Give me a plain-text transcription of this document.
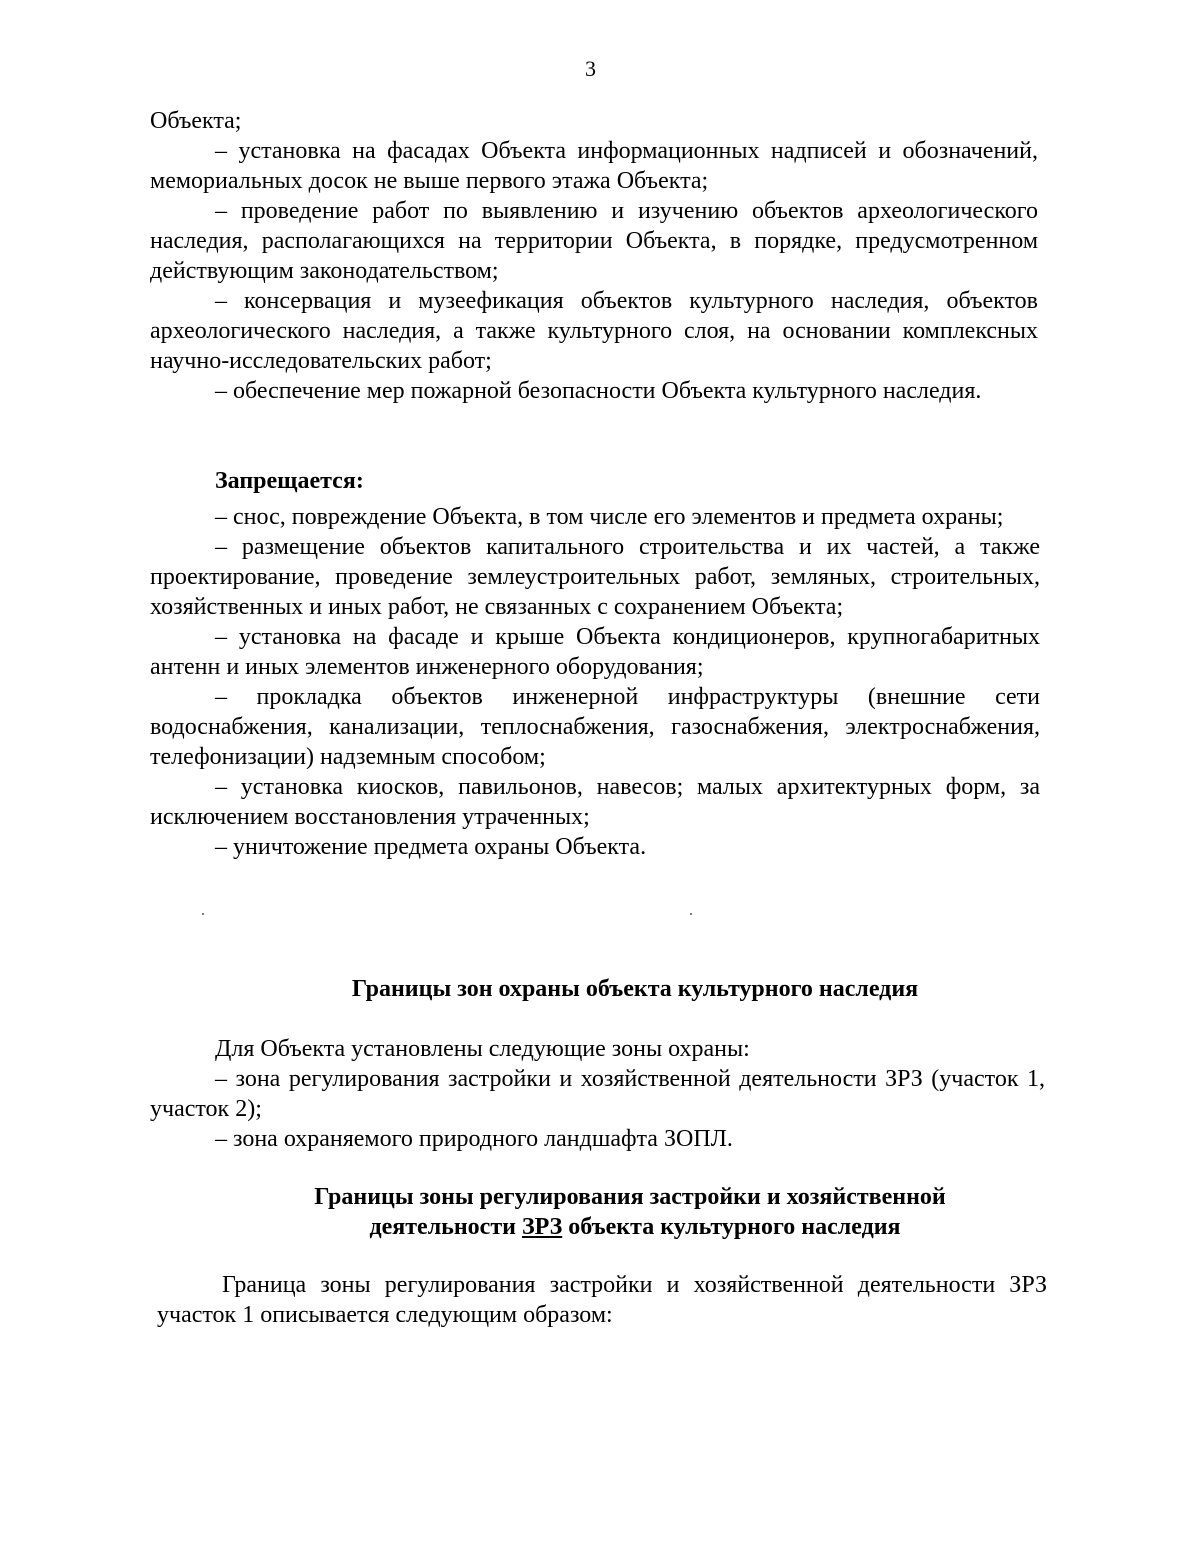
3

Объекта;

– установка на фасадах Объекта информационных надписей и обозначений, мемориальных досок не выше первого этажа Объекта;

– проведение работ по выявлению и изучению объектов археологического наследия, располагающихся на территории Объекта, в порядке, предусмотренном действующим законодательством;

– консервация и музеефикация объектов культурного наследия, объектов археологического наследия, а также культурного слоя, на основании комплексных научно-исследовательских работ;

– обеспечение мер пожарной безопасности Объекта культурного наследия.

Запрещается:

– снос, повреждение Объекта, в том числе его элементов и предмета охраны;

– размещение объектов капитального строительства и их частей, а также проектирование, проведение землеустроительных работ, земляных, строительных, хозяйственных и иных работ, не связанных с сохранением Объекта;

– установка на фасаде и крыше Объекта кондиционеров, крупногабаритных антенн и иных элементов инженерного оборудования;

– прокладка объектов инженерной инфраструктуры (внешние сети водоснабжения, канализации, теплоснабжения, газоснабжения, электроснабжения, телефонизации) надземным способом;

– установка киосков, павильонов, навесов; малых архитектурных форм, за исключением восстановления утраченных;

– уничтожение предмета охраны Объекта.

Границы зон охраны объекта культурного наследия

Для Объекта установлены следующие зоны охраны:

– зона регулирования застройки и хозяйственной деятельности ЗРЗ (участок 1, участок 2);

– зона охраняемого природного ландшафта ЗОПЛ.

Границы зоны регулирования застройки и хозяйственной
деятельности ЗРЗ объекта культурного наследия

Граница зоны регулирования застройки и хозяйственной деятельности ЗРЗ участок 1 описывается следующим образом:
